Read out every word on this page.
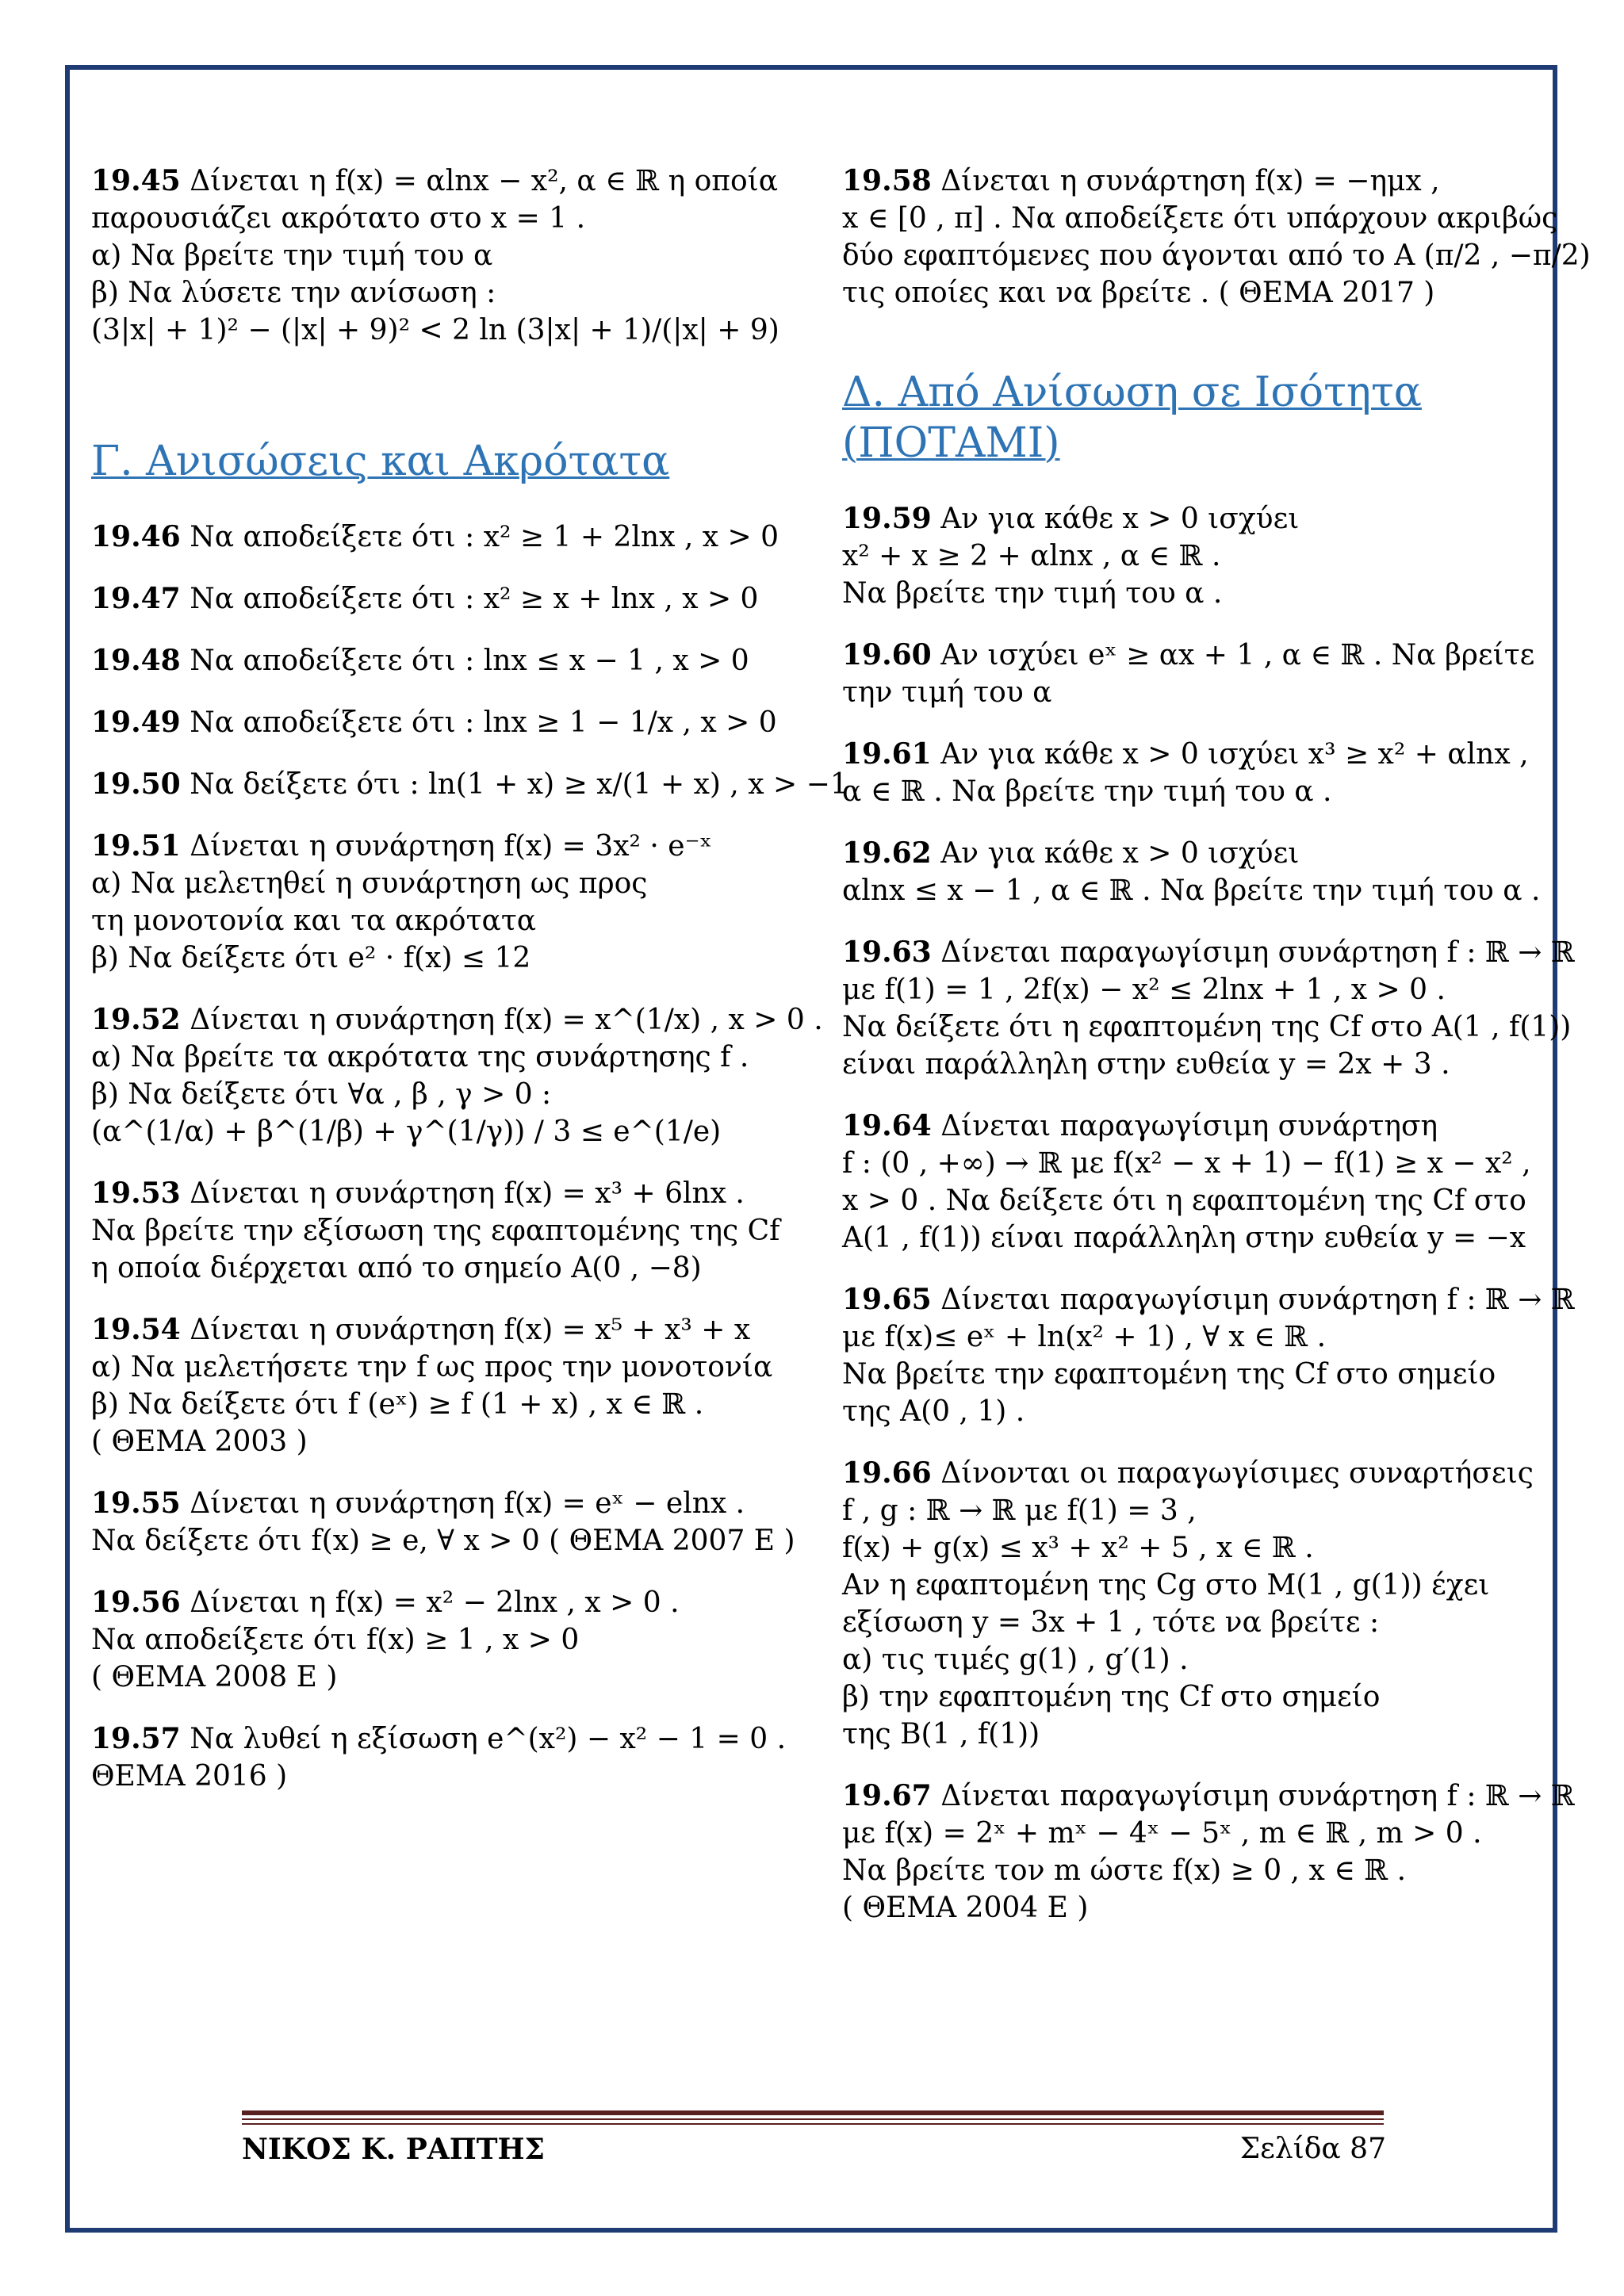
19.45 Δίνεται η f(x) = αlnx − x², α ∈ ℝ η οποία
παρουσιάζει ακρότατο στο x = 1 .
α) Να βρείτε την τιμή του α
β) Να λύσετε την ανίσωση :
(3|x| + 1)² − (|x| + 9)² < 2 ln (3|x| + 1)/(|x| + 9)
Γ. Ανισώσεις και Ακρότατα
19.46 Να αποδείξετε ότι : x² ≥ 1 + 2lnx , x > 0
19.47 Να αποδείξετε ότι : x² ≥ x + lnx , x > 0
19.48 Να αποδείξετε ότι : lnx ≤ x − 1 , x > 0
19.49 Να αποδείξετε ότι : lnx ≥ 1 − 1/x , x > 0
19.50 Να δείξετε ότι : ln(1 + x) ≥ x/(1 + x) , x > −1
19.51 Δίνεται η συνάρτηση f(x) = 3x² · e⁻ˣ
α) Να μελετηθεί η συνάρτηση ως προς
τη μονοτονία και τα ακρότατα
β) Να δείξετε ότι e² · f(x) ≤ 12
19.52 Δίνεται η συνάρτηση f(x) = x^(1/x) , x > 0 .
α) Να βρείτε τα ακρότατα της συνάρτησης f .
β) Να δείξετε ότι ∀α , β , γ > 0 :
(α^(1/α) + β^(1/β) + γ^(1/γ)) / 3 ≤ e^(1/e)
19.53 Δίνεται η συνάρτηση f(x) = x³ + 6lnx .
Να βρείτε την εξίσωση της εφαπτομένης της Cf
η οποία διέρχεται από το σημείο Α(0 , −8)
19.54 Δίνεται η συνάρτηση f(x) = x⁵ + x³ + x
α) Να μελετήσετε την f ως προς την μονοτονία
β) Να δείξετε ότι f (eˣ) ≥ f (1 + x) , x ∈ ℝ .
( ΘΕΜΑ 2003 )
19.55 Δίνεται η συνάρτηση f(x) = eˣ − elnx .
Να δείξετε ότι f(x) ≥ e, ∀ x > 0 ( ΘΕΜΑ 2007 Ε )
19.56 Δίνεται η f(x) = x² − 2lnx , x > 0 .
Να αποδείξετε ότι f(x) ≥ 1 , x > 0
( ΘΕΜΑ 2008 Ε )
19.57 Να λυθεί η εξίσωση e^(x²) − x² − 1 = 0 .
ΘΕΜΑ 2016 )
19.58 Δίνεται η συνάρτηση f(x) = −ημx ,
x ∈ [0 , π] . Να αποδείξετε ότι υπάρχουν ακριβώς
δύο εφαπτόμενες που άγονται από το Α (π/2 , −π/2)
τις οποίες και να βρείτε . ( ΘΕΜΑ 2017 )
Δ. Από Ανίσωση σε Ισότητα
(ΠΟΤΑΜΙ)
19.59 Αν για κάθε x > 0 ισχύει
x² + x ≥ 2 + αlnx , α ∈ ℝ .
Να βρείτε την τιμή του α .
19.60 Αν ισχύει eˣ ≥ αx + 1 , α ∈ ℝ . Να βρείτε
την τιμή του α
19.61 Αν για κάθε x > 0 ισχύει x³ ≥ x² + αlnx ,
α ∈ ℝ . Να βρείτε την τιμή του α .
19.62 Αν για κάθε x > 0 ισχύει
αlnx ≤ x − 1 , α ∈ ℝ . Να βρείτε την τιμή του α .
19.63 Δίνεται παραγωγίσιμη συνάρτηση f : ℝ → ℝ
με f(1) = 1 , 2f(x) − x² ≤ 2lnx + 1 , x > 0 .
Να δείξετε ότι η εφαπτομένη της Cf στο Α(1 , f(1))
είναι παράλληλη στην ευθεία y = 2x + 3 .
19.64 Δίνεται παραγωγίσιμη συνάρτηση
f : (0 , +∞) → ℝ με f(x² − x + 1) − f(1) ≥ x − x² ,
x > 0 . Να δείξετε ότι η εφαπτομένη της Cf στο
Α(1 , f(1)) είναι παράλληλη στην ευθεία y = −x
19.65 Δίνεται παραγωγίσιμη συνάρτηση f : ℝ → ℝ
με f(x)≤ eˣ + ln(x² + 1) , ∀ x ∈ ℝ .
Να βρείτε την εφαπτομένη της Cf στο σημείο
της Α(0 , 1) .
19.66 Δίνονται οι παραγωγίσιμες συναρτήσεις
f , g : ℝ → ℝ με f(1) = 3 ,
f(x) + g(x) ≤ x³ + x² + 5 , x ∈ ℝ .
Αν η εφαπτομένη της Cg στο Μ(1 , g(1)) έχει
εξίσωση y = 3x + 1 , τότε να βρείτε :
α) τις τιμές g(1) , g′(1) .
β) την εφαπτομένη της Cf στο σημείο
της Β(1 , f(1))
19.67 Δίνεται παραγωγίσιμη συνάρτηση f : ℝ → ℝ
με f(x) = 2ˣ + mˣ − 4ˣ − 5ˣ , m ∈ ℝ , m > 0 .
Να βρείτε τον m ώστε f(x) ≥ 0 , x ∈ ℝ .
( ΘΕΜΑ 2004 Ε )
ΝΙΚΟΣ Κ. ΡΑΠΤΗΣ	Σελίδα 87
